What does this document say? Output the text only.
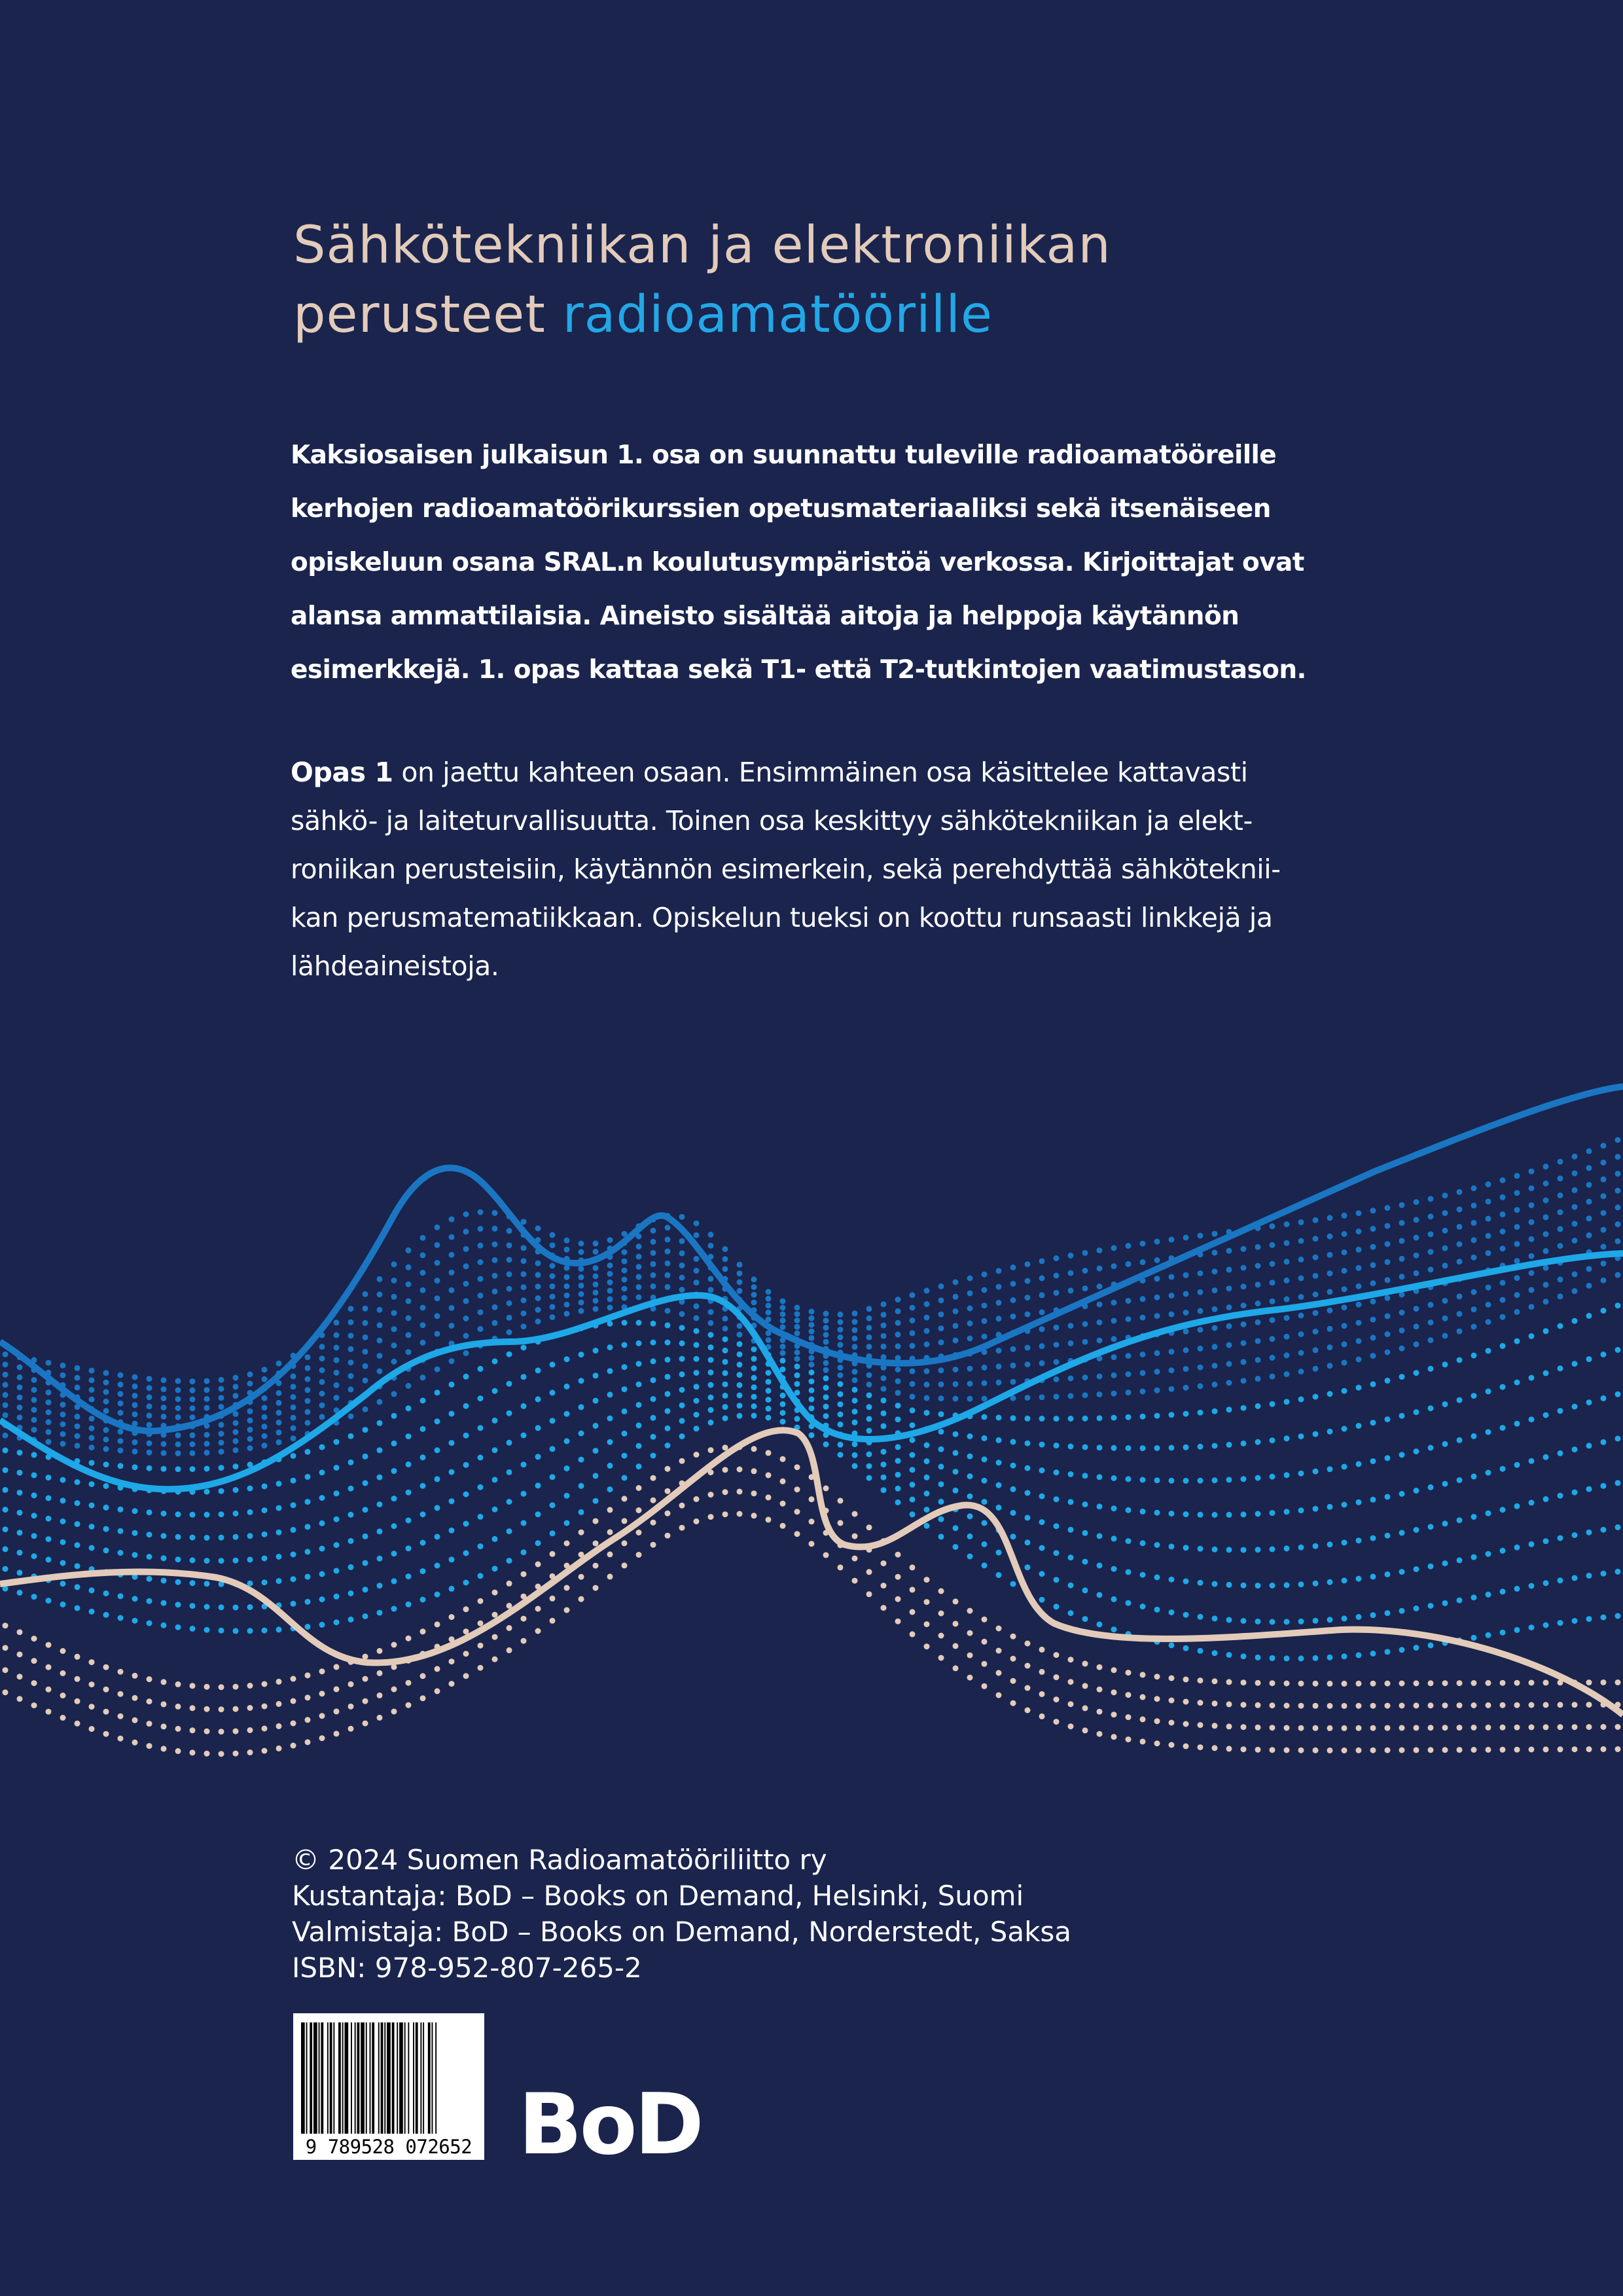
Sähkötekniikan ja elektroniikan
perusteet radioamatöörille

Kaksiosaisen julkaisun 1. osa on suunnattu tuleville radioamatööreille
kerhojen radioamatöörikurssien opetusmateriaaliksi sekä itsenäiseen
opiskeluun osana SRAL.n koulutusympäristöä verkossa. Kirjoittajat ovat
alansa ammattilaisia. Aineisto sisältää aitoja ja helppoja käytännön
esimerkkejä. 1. opas kattaa sekä T1- että T2-tutkintojen vaatimustason.

Opas 1 on jaettu kahteen osaan. Ensimmäinen osa käsittelee kattavasti
sähkö- ja laiteturvallisuutta. Toinen osa keskittyy sähkötekniikan ja elekt-
roniikan perusteisiin, käytännön esimerkein, sekä perehdyttää sähköteknii-
kan perusmatematiikkaan. Opiskelun tueksi on koottu runsaasti linkkejä ja
lähdeaineistoja.

© 2024 Suomen Radioamatööriliitto ry
Kustantaja: BoD – Books on Demand, Helsinki, Suomi
Valmistaja: BoD – Books on Demand, Norderstedt, Saksa
ISBN: 978-952-807-265-2
9 789528 072652 BoD
